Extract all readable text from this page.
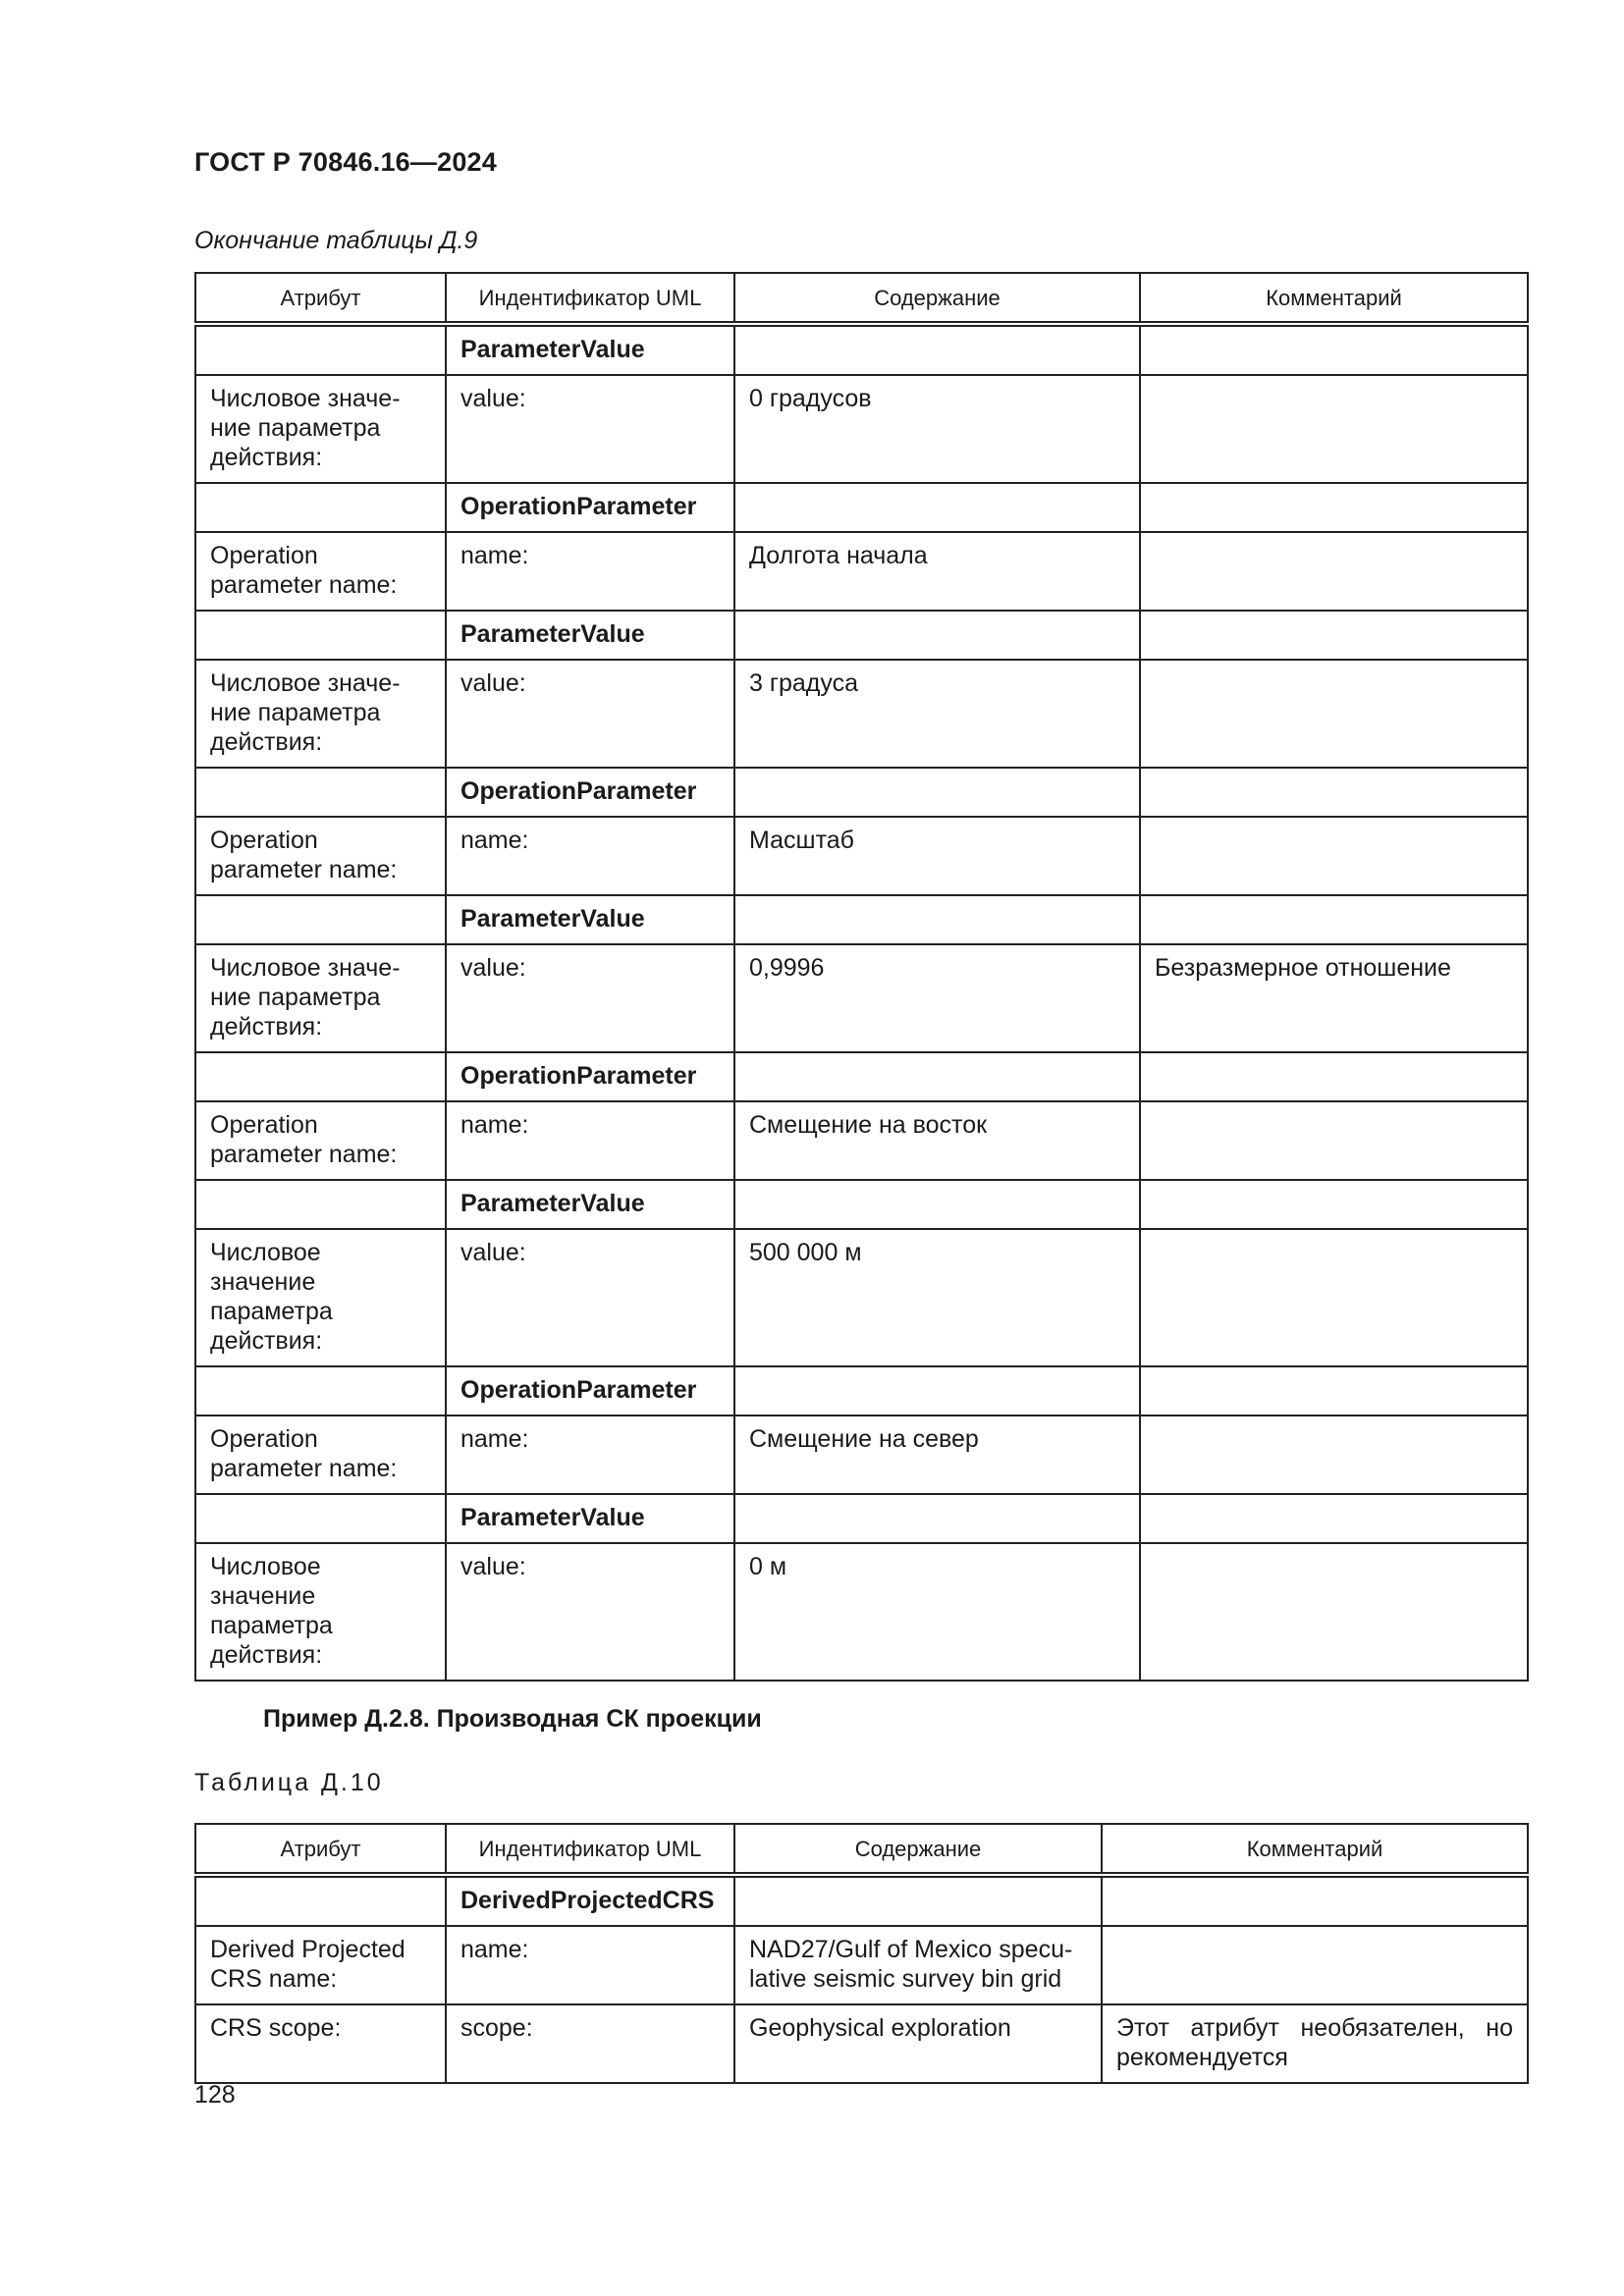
ГОСТ Р 70846.16—2024
Окончание таблицы Д.9
Атрибут	Индентификатор UML	Содержание	Комментарий
	ParameterValue		
Числовое значе-ние параметра действия:	value:	0 градусов	
	OperationParameter		
Operation parameter name:	name:	Долгота начала	
	ParameterValue		
Числовое значе-ние параметра действия:	value:	3 градуса	
	OperationParameter		
Operation parameter name:	name:	Масштаб	
	ParameterValue		
Числовое значе-ние параметра действия:	value:	0,9996	Безразмерное отношение
	OperationParameter		
Operation parameter name:	name:	Смещение на восток	
	ParameterValue		
Числовое значение параметра действия:	value:	500 000 м	
	OperationParameter		
Operation parameter name:	name:	Смещение на север	
	ParameterValue		
Числовое значение параметра действия:	value:	0 м	
Пример Д.2.8. Производная СК проекции
Таблица Д.10
Атрибут	Индентификатор UML	Содержание	Комментарий
	DerivedProjectedCRS		
Derived Projected CRS name:	name:	NAD27/Gulf of Mexico specu-lative seismic survey bin grid	
CRS scope:	scope:	Geophysical exploration	Этот атрибут необязателен, но рекомендуется
128
